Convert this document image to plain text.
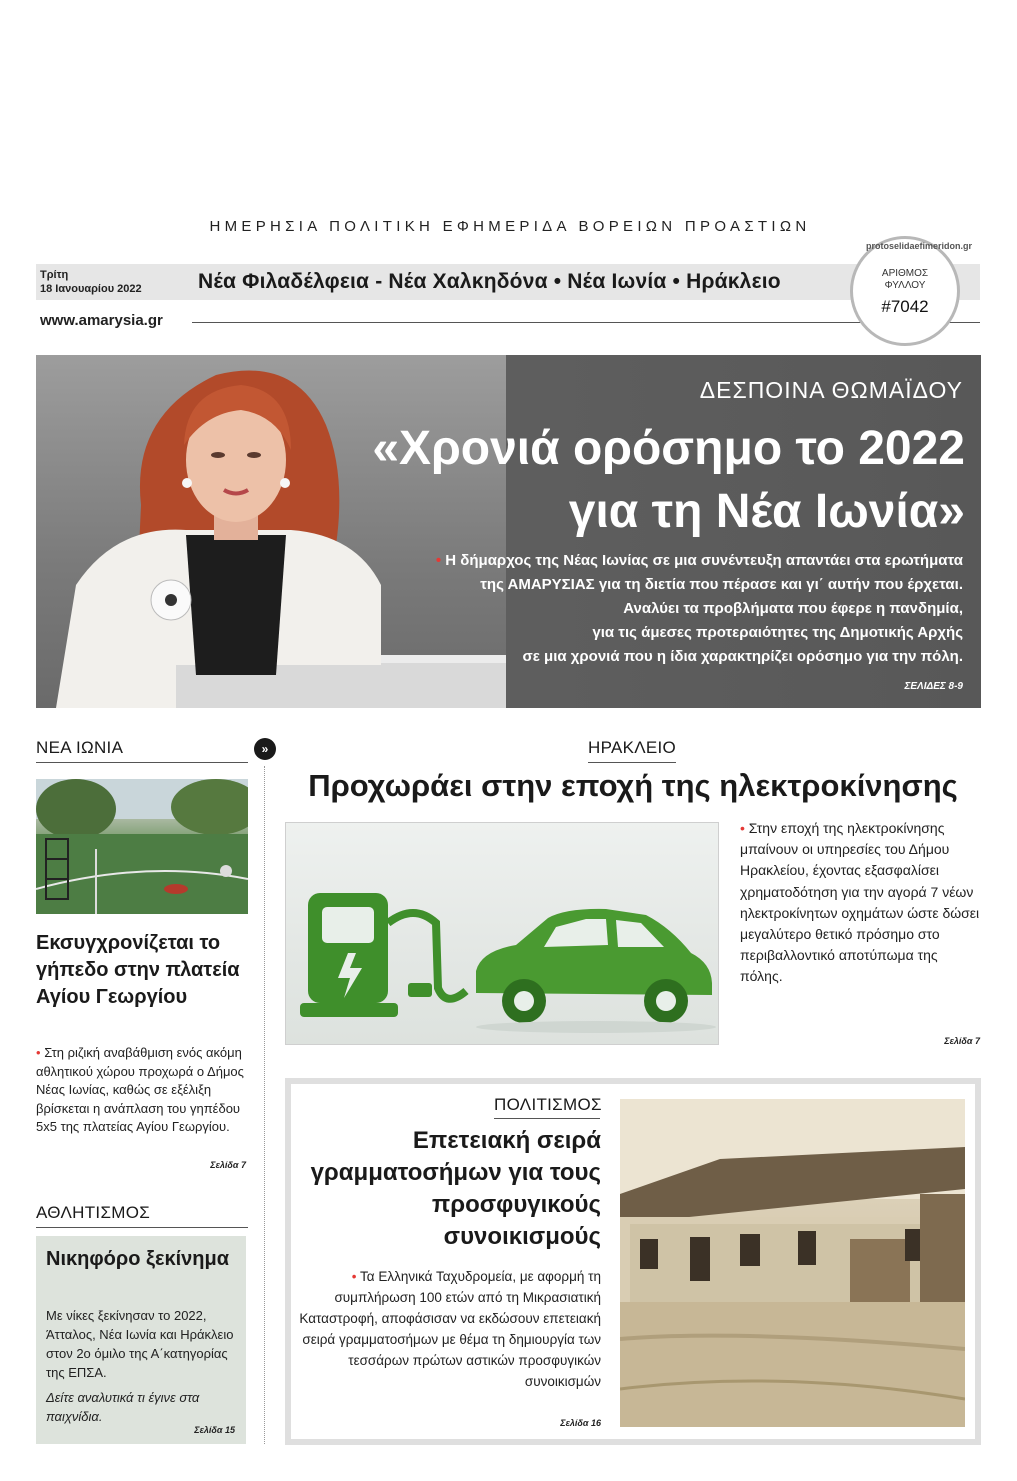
ΗΜΕΡΗΣΙΑ ΠΟΛΙΤΙΚΗ ΕΦΗΜΕΡΙΔΑ ΒΟΡΕΙΩΝ ΠΡΟΑΣΤΙΩΝ
Τρίτη
18 Ιανουαρίου 2022	Νέα Φιλαδέλφεια - Νέα Χαλκηδόνα • Νέα Ιωνία • Ηράκλειο
www.amarysia.gr
protoselidaefimeridon.gr
ΑΡΙΘΜΟΣ
ΦΥΛΛΟΥ
#7042
ΔΕΣΠΟΙΝΑ ΘΩΜΑΪΔΟΥ
«Χρονιά ορόσημο το 2022
για τη Νέα Ιωνία»
• Η δήμαρχος της Νέας Ιωνίας σε μια συνέντευξη απαντάει στα ερωτήματα
της ΑΜΑΡΥΣΙΑΣ για τη διετία που πέρασε και γι΄ αυτήν που έρχεται.
Αναλύει τα προβλήματα που έφερε η πανδημία,
για τις άμεσες προτεραιότητες της Δημοτικής Αρχής
σε μια χρονιά που η ίδια χαρακτηρίζει ορόσημο για την πόλη.
ΣΕΛΙΔΕΣ 8-9
ΝΕΑ ΙΩΝΙΑ	»
Εκσυγχρονίζεται το γήπεδο στην πλατεία Αγίου Γεωργίου
• Στη ριζική αναβάθμιση ενός ακόμη αθλητικού χώρου προχωρά ο Δήμος Νέας Ιωνίας, καθώς σε εξέλιξη βρίσκεται η ανάπλαση του γηπέδου 5x5 της πλατείας Αγίου Γεωργίου.
Σελίδα 7
ΑΘΛΗΤΙΣΜΟΣ
Νικηφόρο ξεκίνημα
Με νίκες ξεκίνησαν το 2022, Άτταλος, Νέα Ιωνία και Ηράκλειο στον 2ο όμιλο της Α΄κατηγορίας της ΕΠΣΑ.
Δείτε αναλυτικά τι έγινε στα παιχνίδια.
Σελίδα 15
ΗΡΑΚΛΕΙΟ
Προχωράει στην εποχή της ηλεκτροκίνησης
• Στην εποχή της ηλεκτροκίνησης μπαίνουν οι υπηρεσίες του Δήμου Ηρακλείου, έχοντας εξασφαλίσει χρηματοδότηση για την αγορά 7 νέων ηλεκτροκίνητων οχημάτων ώστε δώσει μεγαλύτερο θετικό πρόσημο στο περιβαλλοντικό αποτύπωμα της πόλης.
Σελίδα 7
ΠΟΛΙΤΙΣΜΟΣ
Επετειακή σειρά γραμματοσήμων για τους προσφυγικούς συνοικισμούς
• Τα Ελληνικά Ταχυδρομεία, με αφορμή τη συμπλήρωση 100 ετών από τη Μικρασιατική Καταστροφή, αποφάσισαν να εκδώσουν επετειακή σειρά γραμματοσήμων με θέμα τη δημιουργία των τεσσάρων πρώτων αστικών προσφυγικών συνοικισμών
Σελίδα 16
